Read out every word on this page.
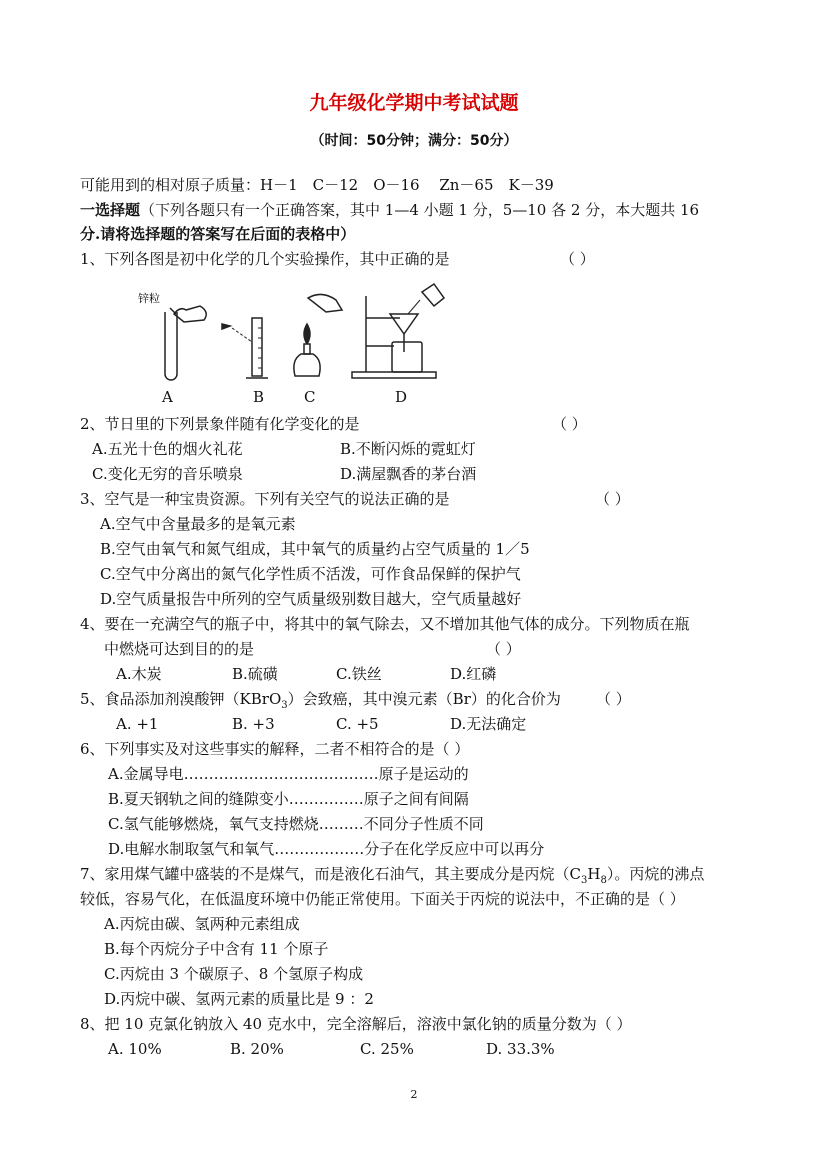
九年级化学期中考试试题
（时间：50分钟；满分：50分）
可能用到的相对原子质量：H－1　C－12　O－16　 Zn－65　K－39
一选择题（下列各题只有一个正确答案，其中 1—4 小题 1 分，5—10 各 2 分，本大题共 16
分.请将选择题的答案写在后面的表格中）
1、下列各图是初中化学的几个实验操作，其中正确的是	（ ）
锌粒
A	B	C	D
2、节日里的下列景象伴随有化学变化的是	（ ）
A.五光十色的烟火礼花	B.不断闪烁的霓虹灯
C.变化无穷的音乐喷泉	D.满屋飘香的茅台酒
3、空气是一种宝贵资源。下列有关空气的说法正确的是	（ ）
A.空气中含量最多的是氧元素
B.空气由氧气和氮气组成，其中氧气的质量约占空气质量的 1／5
C.空气中分离出的氮气化学性质不活泼，可作食品保鲜的保护气
D.空气质量报告中所列的空气质量级别数目越大，空气质量越好
4、要在一充满空气的瓶子中，将其中的氧气除去，又不增加其他气体的成分。下列物质在瓶
中燃烧可达到目的的是	（ ）
A.木炭	B.硫磺	C.铁丝	D.红磷
5、食品添加剂溴酸钾（KBrO$_3$）会致癌，其中溴元素（Br）的化合价为 （ ）
A. +1	B. +3	C. +5	D.无法确定
6、下列事实及对这些事实的解释，二者不相符合的是（ ）
A.金属导电…………………………………原子是运动的
B.夏天钢轨之间的缝隙变小……………原子之间有间隔
C.氢气能够燃烧，氧气支持燃烧………不同分子性质不同
D.电解水制取氢气和氧气………………分子在化学反应中可以再分
7、家用煤气罐中盛装的不是煤气，而是液化石油气，其主要成分是丙烷$(C_3H_8)$。丙烷的沸点
较低，容易气化，在低温度环境中仍能正常使用。下面关于丙烷的说法中，不正确的是（ ）
A.丙烷由碳、氢两种元素组成
B.每个丙烷分子中含有 11 个原子
C.丙烷由 3 个碳原子、8 个氢原子构成
D.丙烷中碳、氢两元素的质量比是 9 ：2
8、把 10 克氯化钠放入 40 克水中，完全溶解后，溶液中氯化钠的质量分数为（ ）
A. 10%	B. 20%	C. 25%	D. 33.3%
2
